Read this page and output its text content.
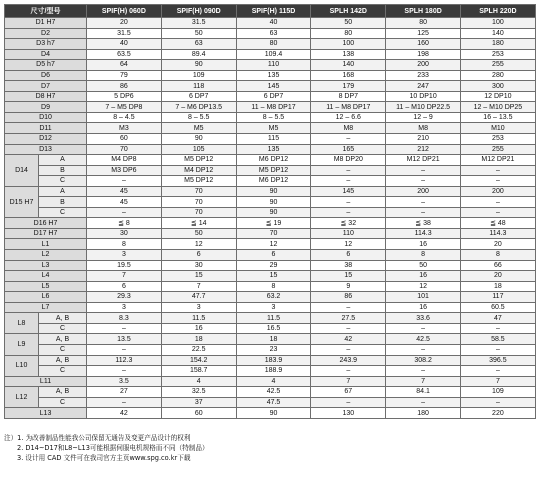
尺寸/型号		SPIF(H) 060D	SPIF(H) 090D	SPIF(H) 115D	SPLH 142D	SPLH 180D	SPLH 220D
D1 H7		20	31.5	40	50	80	100
D2		31.5	50	63	80	125	140
D3 h7		40	63	80	100	160	180
D4		63.5	89.4	109.4	138	198	253
D5 h7		64	90	110	140	200	255
D6		79	109	135	168	233	280
D7		86	118	145	179	247	300
D8 H7		5 DP6	6 DP7	6 DP7	8 DP7	10 DP10	12 DP10
D9		7 – M5 DP8	7 – M6 DP13.5	11 – M8 DP17	11 – M8 DP17	11 – M10 DP22.5	12 – M10 DP25
D10		8 – 4.5	8 – 5.5	8 – 5.5	12 – 6.6	12 – 9	16 – 13.5
D11		M3	M5	M5	M8	M8	M10
D12		60	90	115	–	210	253
D13		70	105	135	165	212	255
D14	A	M4 DP8	M5 DP12	M6 DP12	M8 DP20	M12 DP21	M12 DP21
	B	M3 DP6	M4 DP12	M5 DP12	–	–	–
	C	–	M5 DP12	M6 DP12	–	–	–
D15 H7	A	45	70	90	145	200	200
	B	45	70	90	–	–	–
	C	–	70	90	–	–	–
D16 H7		≦ 8	≦ 14	≦ 19	≦ 32	≦ 38	≦ 48
D17 H7		30	50	70	110	114.3	114.3
L1		8	12	12	12	16	20
L2		3	6	6	6	8	8
L3		19.5	30	29	38	50	66
L4		7	15	15	15	16	20
L5		6	7	8	9	12	18
L6		29.3	47.7	63.2	86	101	117
L7		3	3	3	–	16	60.5
L8	A, B	8.3	11.5	11.5	27.5	33.6	47
	C	–	16	16.5	–	–	–
L9	A, B	13.5	18	18	42	42.5	58.5
	C	–	22.5	23	–	–	–
L10	A, B	112.3	154.2	183.9	243.9	308.2	396.5
	C	–	158.7	188.9	–	–	–
L11		3.5	4	4	7	7	7
L12	A, B	27	32.5	42.5	67	84.1	109
	C	–	37	47.5	–	–	–
L13		42	60	90	130	180	220
注）1. 为改善制品性能我公司保留无通告及变更产品设计的权利
2. D14~D17和L8~L13可能根据伺服电机规格而不同（特制品）
3. 设计用 CAD 文件可在我司官方主页www.spg.co.kr下载
